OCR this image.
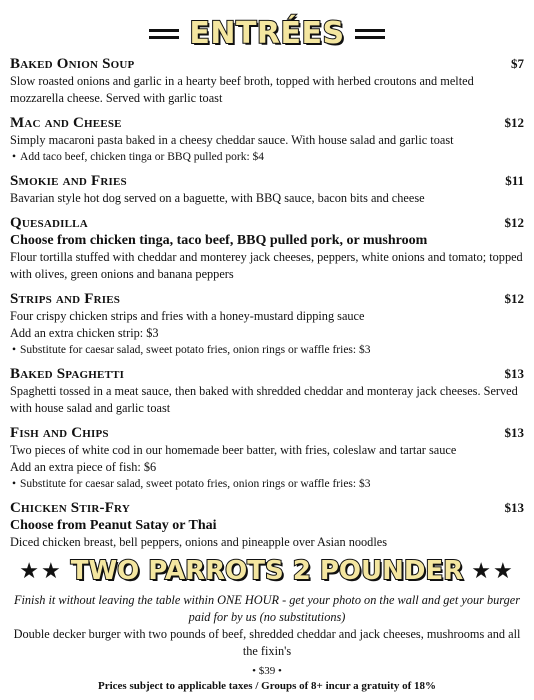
ENTRÉES
Baked Onion Soup	$7
Slow roasted onions and garlic in a hearty beef broth, topped with herbed croutons and melted mozzarella cheese. Served with garlic toast
Mac and Cheese	$12
Simply macaroni pasta baked in a cheesy cheddar sauce. With house salad and garlic toast
• Add taco beef, chicken tinga or BBQ pulled pork: $4
Smokie and Fries	$11
Bavarian style hot dog served on a baguette, with BBQ sauce, bacon bits and cheese
Quesadilla	$12
Choose from chicken tinga, taco beef, BBQ pulled pork, or mushroom
Flour tortilla stuffed with cheddar and monterey jack cheeses, peppers, white onions and tomato; topped with olives, green onions and banana peppers
Strips and Fries	$12
Four crispy chicken strips and fries with a honey-mustard dipping sauce
Add an extra chicken strip: $3
• Substitute for caesar salad, sweet potato fries, onion rings or waffle fries: $3
Baked Spaghetti	$13
Spaghetti tossed in a meat sauce, then baked with shredded cheddar and monteray jack cheeses. Served with house salad and garlic toast
Fish and Chips	$13
Two pieces of white cod in our homemade beer batter, with fries, coleslaw and tartar sauce
Add an extra piece of fish: $6
• Substitute for caesar salad, sweet potato fries, onion rings or waffle fries: $3
Chicken Stir-Fry	$13
Choose from Peanut Satay or Thai
Diced chicken breast, bell peppers, onions and pineapple over Asian noodles
★★ TWO PARROTS 2 POUNDER ★★
Finish it without leaving the table within ONE HOUR - get your photo on the wall and get your burger paid for by us (no substitutions)
Double decker burger with two pounds of beef, shredded cheddar and jack cheeses, mushrooms and all the fixin's
• $39 •
Prices subject to applicable taxes / Groups of 8+ incur a gratuity of 18%
